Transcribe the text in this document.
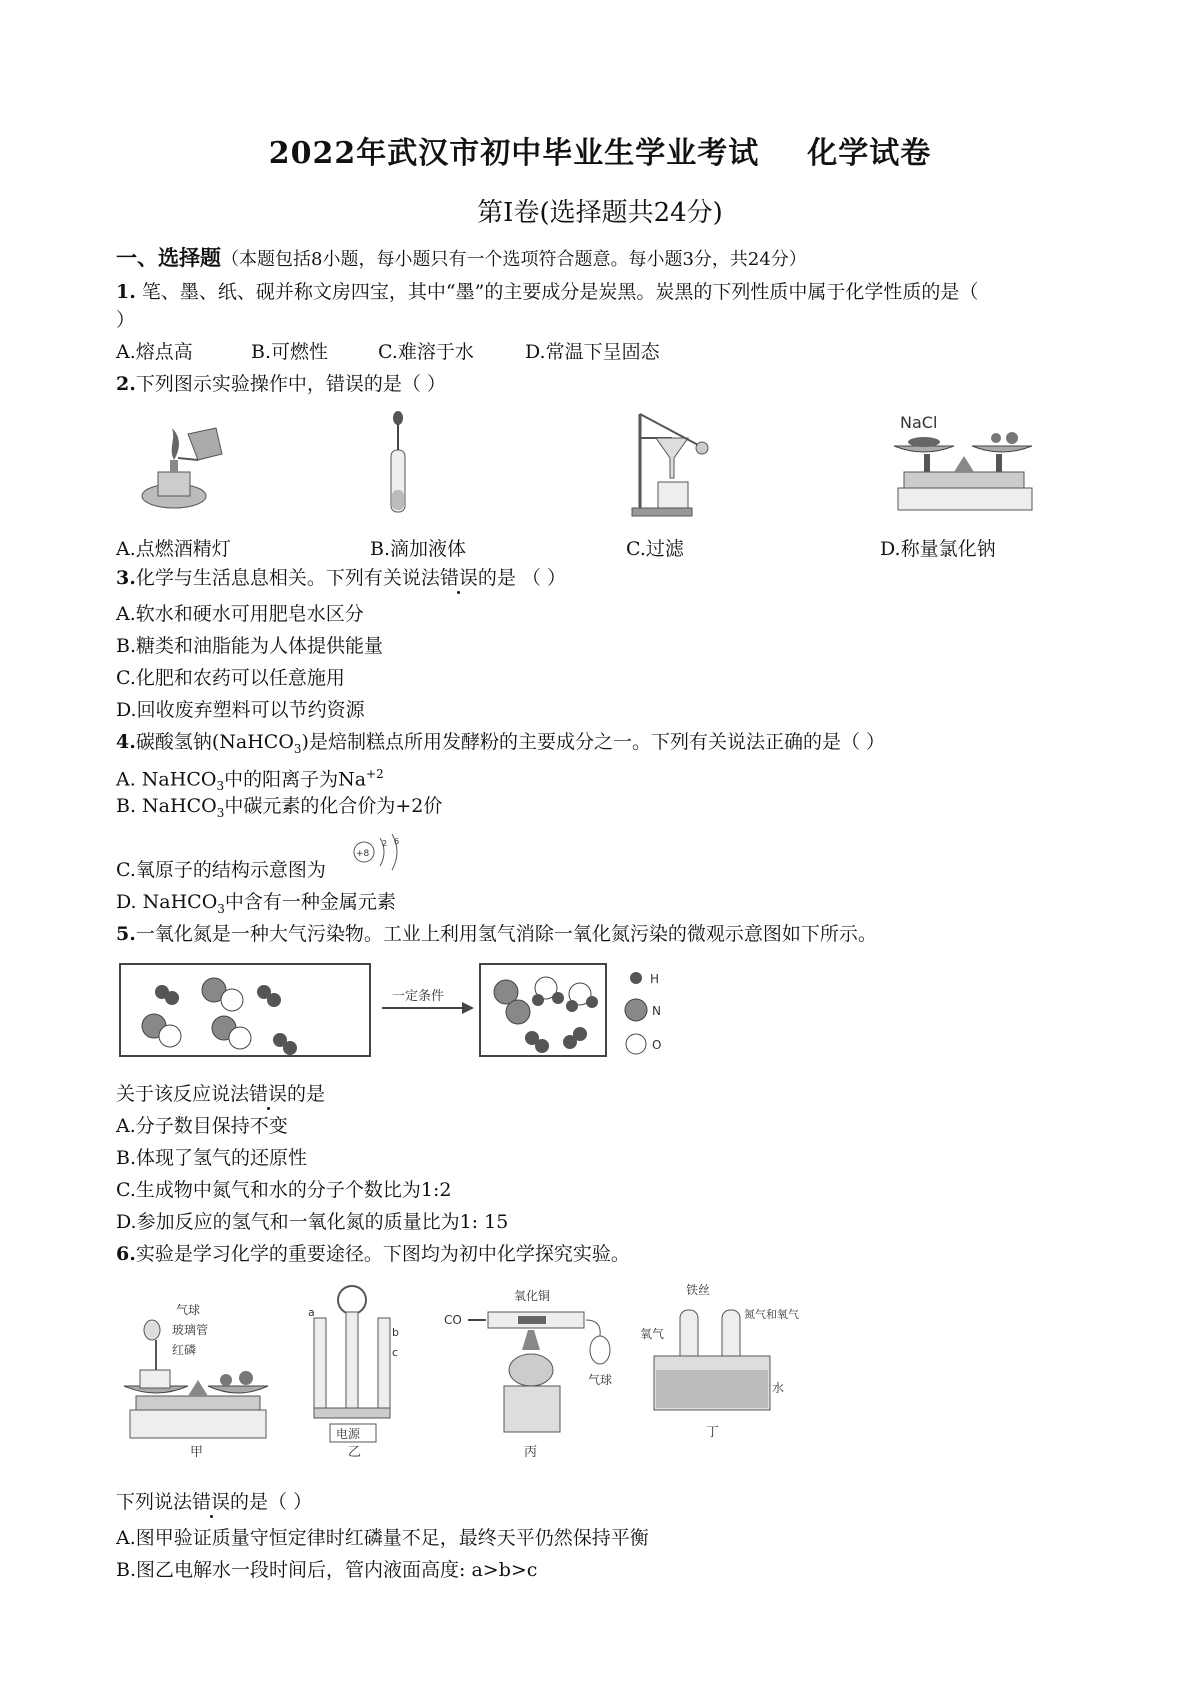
2022年武汉市初中毕业生学业考试 化学试卷
第Ⅰ卷(选择题共24分)
一、选择题（本题包括8小题，每小题只有一个选项符合题意。每小题3分，共24分）
1. 笔、墨、纸、砚并称文房四宝，其中“墨”的主要成分是炭黑。炭黑的下列性质中属于化学性质的是（
）
A.熔点高	B.可燃性	C.难溶于水	D.常温下呈固态
2.下列图示实验操作中，错误的是（ ）
NaCl
A.点燃酒精灯	B.滴加液体	C.过滤	D.称量氯化钠
3.化学与生活息息相关。下列有关说法错误的是 （ ）
A.软水和硬水可用肥皂水区分
B.糖类和油脂能为人体提供能量
C.化肥和农药可以任意施用
D.回收废弃塑料可以节约资源
4.碳酸氢钠(NaHCO$_3$)是焙制糕点所用发酵粉的主要成分之一。下列有关说法正确的是（ ）
A. NaHCO$_3$中的阳离子为$Na^{+2}$
B. NaHCO$_3$中碳元素的化合价为+2价
+8
2 6
C.氧原子的结构示意图为
D. NaHCO$_3$中含有一种金属元素
5.一氧化氮是一种大气污染物。工业上利用氢气消除一氧化氮污染的微观示意图如下所示。
一定条件
H
N
O
关于该反应说法错误的是
A.分子数目保持不变
B.体现了氢气的还原性
C.生成物中氮气和水的分子个数比为1:2
D.参加反应的氢气和一氧化氮的质量比为1: 15
6.实验是学习化学的重要途径。下图均为初中化学探究实验。
气球
玻璃管
红磷
甲
a
b
c
电源
乙
CO
氧化铜
气球
丙
铁丝
氧气
氮气和氧气
水
丁
下列说法错误的是（ ）
A.图甲验证质量守恒定律时红磷量不足，最终天平仍然保持平衡
B.图乙电解水一段时间后，管内液面高度: a>b>c
